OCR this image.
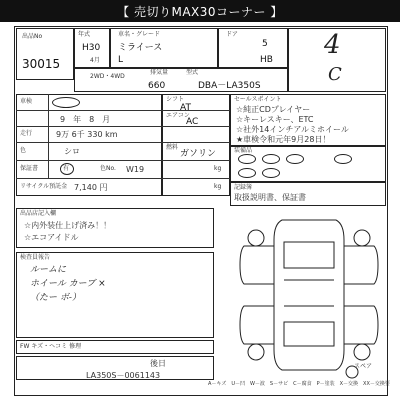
【 売切りMAX30コーナー 】
出品No
30015
年式
H30
4月
車名・グレード
ミライース
L
ドア
5
HB 4
C
2WD・4WD
排気量
660
型式
DBA－LA350S
車検
9　年　8　月
走行	9万 6千 330 km
色	シロ
保証書	有	色No. W19
リサイクル預託金 7,140 円
シフト
AT
エアコン
AC
燃料
ガソリン
kg
kg
セールスポイント
☆純正CDプレイヤー
☆キーレスキー、ETC
☆社外14インチアルミホイール
★車検令和元年9月28日！
装備品
記録簿
取扱説明書、保証書
出品店記入欄
☆内外装仕上げ済み！！
☆エコアイドル
検査員報告
ルームに
ホイール カーブ ×
（たー ボ-）
スペア
FW キズ・ヘコミ 修理
後日
LA350S－0061143
A－キズ　U－凹　W－波　S－サビ　C－腐食　P－塗装　X－交換　XX－交換要
